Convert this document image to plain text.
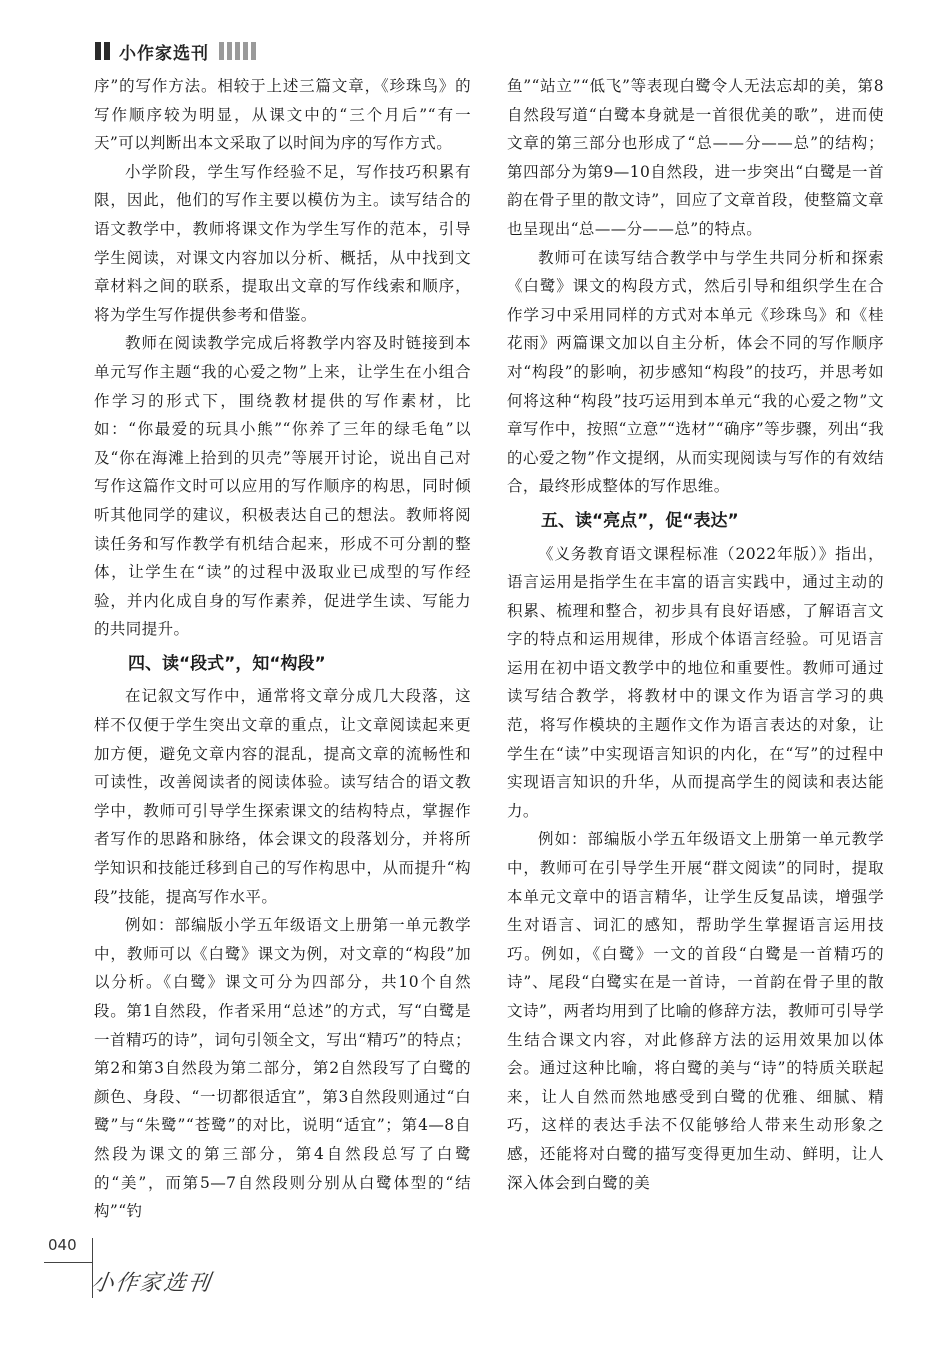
小作家选刊

序”的写作方法。相较于上述三篇文章，《珍珠鸟》的写作顺序较为明显，从课文中的“三个月后”“有一天”可以判断出本文采取了以时间为序的写作方式。

小学阶段，学生写作经验不足，写作技巧积累有限，因此，他们的写作主要以模仿为主。读写结合的语文教学中，教师将课文作为学生写作的范本，引导学生阅读，对课文内容加以分析、概括，从中找到文章材料之间的联系，提取出文章的写作线索和顺序，将为学生写作提供参考和借鉴。

教师在阅读教学完成后将教学内容及时链接到本单元写作主题“我的心爱之物”上来，让学生在小组合作学习的形式下，围绕教材提供的写作素材，比如：“你最爱的玩具小熊”“你养了三年的绿毛龟”以及“你在海滩上拾到的贝壳”等展开讨论，说出自己对写作这篇作文时可以应用的写作顺序的构思，同时倾听其他同学的建议，积极表达自己的想法。教师将阅读任务和写作教学有机结合起来，形成不可分割的整体，让学生在“读”的过程中汲取业已成型的写作经验，并内化成自身的写作素养，促进学生读、写能力的共同提升。

四、读“段式”，知“构段”

在记叙文写作中，通常将文章分成几大段落，这样不仅便于学生突出文章的重点，让文章阅读起来更加方便，避免文章内容的混乱，提高文章的流畅性和可读性，改善阅读者的阅读体验。读写结合的语文教学中，教师可引导学生探索课文的结构特点，掌握作者写作的思路和脉络，体会课文的段落划分，并将所学知识和技能迁移到自己的写作构思中，从而提升“构段”技能，提高写作水平。

例如：部编版小学五年级语文上册第一单元教学中，教师可以《白鹭》课文为例，对文章的“构段”加以分析。《白鹭》课文可分为四部分，共10个自然段。第1自然段，作者采用“总述”的方式，写“白鹭是一首精巧的诗”，词句引领全文，写出“精巧”的特点；第2和第3自然段为第二部分，第2自然段写了白鹭的颜色、身段、“一切都很适宜”，第3自然段则通过“白鹭”与“朱鹭”“苍鹭”的对比，说明“适宜”；第4—8自然段为课文的第三部分，第4自然段总写了白鹭的“美”，而第5—7自然段则分别从白鹭体型的“结构”“钓

鱼”“站立”“低飞”等表现白鹭令人无法忘却的美，第8自然段写道“白鹭本身就是一首很优美的歌”，进而使文章的第三部分也形成了“总——分——总”的结构；第四部分为第9—10自然段，进一步突出“白鹭是一首韵在骨子里的散文诗”，回应了文章首段，使整篇文章也呈现出“总——分——总”的特点。

教师可在读写结合教学中与学生共同分析和探索《白鹭》课文的构段方式，然后引导和组织学生在合作学习中采用同样的方式对本单元《珍珠鸟》和《桂花雨》两篇课文加以自主分析，体会不同的写作顺序对“构段”的影响，初步感知“构段”的技巧，并思考如何将这种“构段”技巧运用到本单元“我的心爱之物”文章写作中，按照“立意”“选材”“确序”等步骤，列出“我的心爱之物”作文提纲，从而实现阅读与写作的有效结合，最终形成整体的写作思维。

五、读“亮点”，促“表达”

《义务教育语文课程标准（2022年版）》指出，语言运用是指学生在丰富的语言实践中，通过主动的积累、梳理和整合，初步具有良好语感，了解语言文字的特点和运用规律，形成个体语言经验。可见语言运用在初中语文教学中的地位和重要性。教师可通过读写结合教学，将教材中的课文作为语言学习的典范，将写作模块的主题作文作为语言表达的对象，让学生在“读”中实现语言知识的内化，在“写”的过程中实现语言知识的升华，从而提高学生的阅读和表达能力。

例如：部编版小学五年级语文上册第一单元教学中，教师可在引导学生开展“群文阅读”的同时，提取本单元文章中的语言精华，让学生反复品读，增强学生对语言、词汇的感知，帮助学生掌握语言运用技巧。例如，《白鹭》一文的首段“白鹭是一首精巧的诗”、尾段“白鹭实在是一首诗，一首韵在骨子里的散文诗”，两者均用到了比喻的修辞方法，教师可引导学生结合课文内容，对此修辞方法的运用效果加以体会。通过这种比喻，将白鹭的美与“诗”的特质关联起来，让人自然而然地感受到白鹭的优雅、细腻、精巧，这样的表达手法不仅能够给人带来生动形象之感，还能将对白鹭的描写变得更加生动、鲜明，让人深入体会到白鹭的美

040
小作家选刊
